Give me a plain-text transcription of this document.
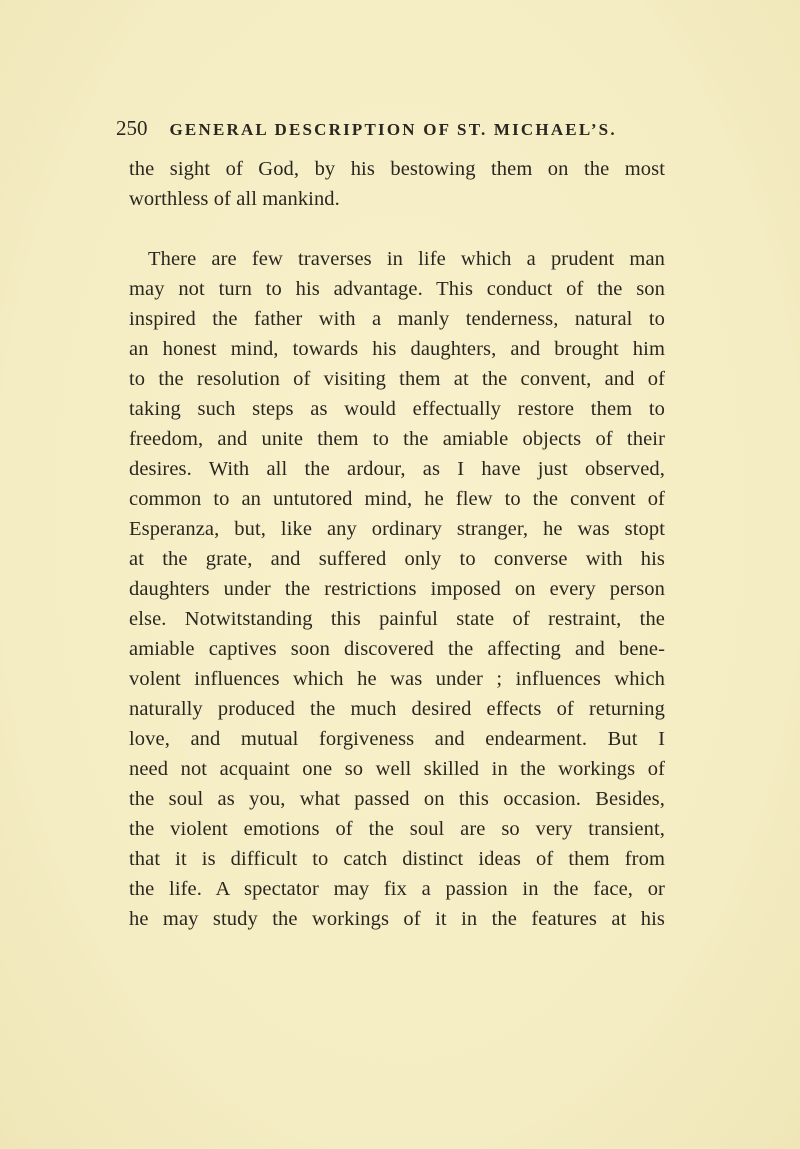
250 GENERAL DESCRIPTION OF ST. MICHAEL’S.
the sight of God, by his bestowing them on the most
worthless of all mankind.
There are few traverses in life which a prudent man
may not turn to his advantage. This conduct of the son
inspired the father with a manly tenderness, natural to
an honest mind, towards his daughters, and brought him
to the resolution of visiting them at the convent, and of
taking such steps as would effectually restore them to
freedom, and unite them to the amiable objects of their
desires. With all the ardour, as I have just observed,
common to an untutored mind, he flew to the convent of
Esperanza, but, like any ordinary stranger, he was stopt
at the grate, and suffered only to converse with his
daughters under the restrictions imposed on every person
else. Notwitstanding this painful state of restraint, the
amiable captives soon discovered the affecting and bene-
volent influences which he was under ; influences which
naturally produced the much desired effects of returning
love, and mutual forgiveness and endearment. But I
need not acquaint one so well skilled in the workings of
the soul as you, what passed on this occasion. Besides,
the violent emotions of the soul are so very transient,
that it is difficult to catch distinct ideas of them from
the life. A spectator may fix a passion in the face, or
he may study the workings of it in the features at his
